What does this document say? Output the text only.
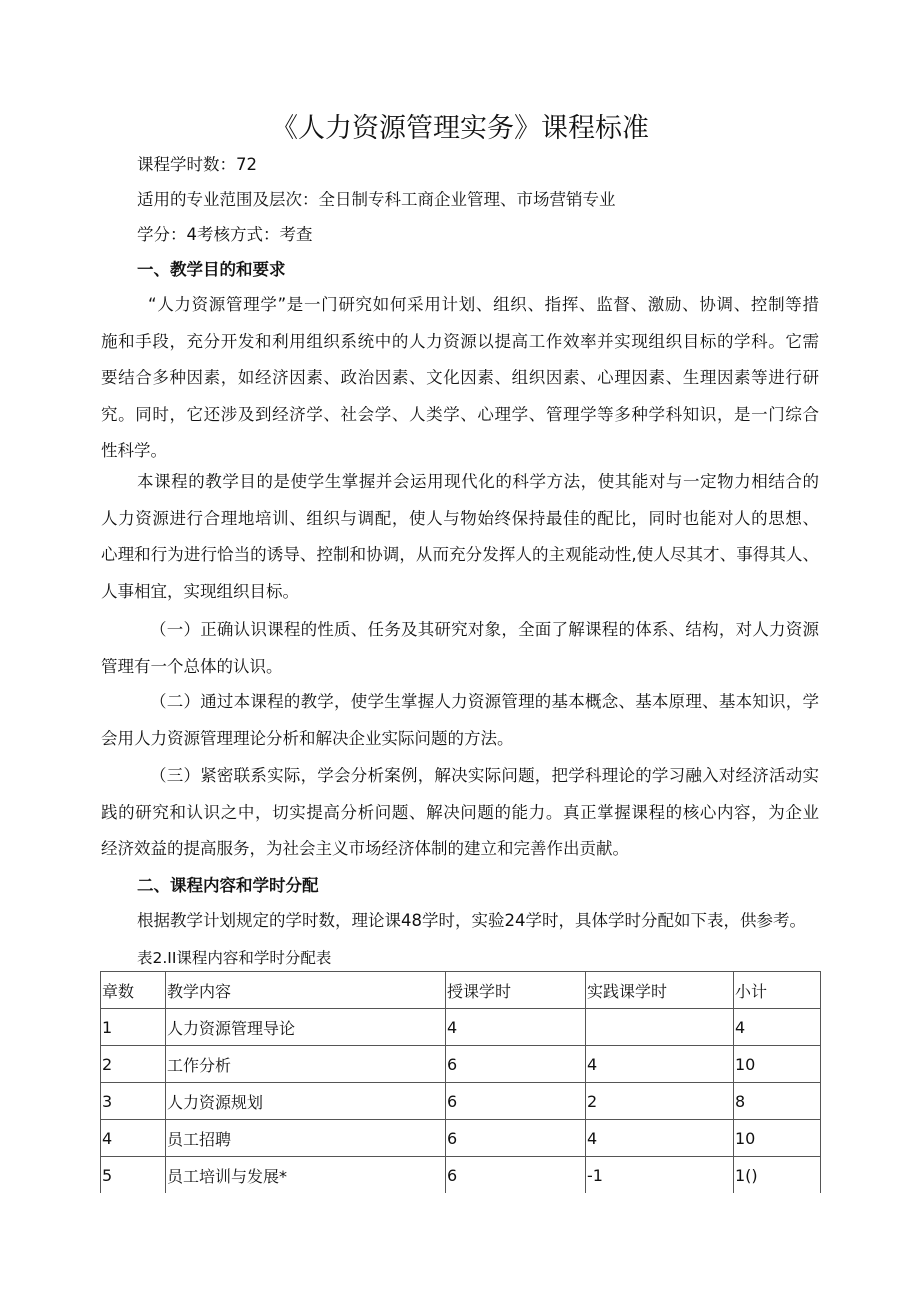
《人力资源管理实务》课程标准
课程学时数：72
适用的专业范围及层次：全日制专科工商企业管理、市场营销专业
学分：4考核方式：考查
一、教学目的和要求
“人力资源管理学”是一门研究如何采用计划、组织、指挥、监督、激励、协调、控制等措
施和手段，充分开发和利用组织系统中的人力资源以提高工作效率并实现组织目标的学科。它需
要结合多种因素，如经济因素、政治因素、文化因素、组织因素、心理因素、生理因素等进行研
究。同时，它还涉及到经济学、社会学、人类学、心理学、管理学等多种学科知识，是一门综合
性科学。
本课程的教学目的是使学生掌握并会运用现代化的科学方法，使其能对与一定物力相结合的
人力资源进行合理地培训、组织与调配，使人与物始终保持最佳的配比，同时也能对人的思想、
心理和行为进行恰当的诱导、控制和协调，从而充分发挥人的主观能动性,使人尽其才、事得其人、
人事相宜，实现组织目标。
（一）正确认识课程的性质、任务及其研究对象，全面了解课程的体系、结构，对人力资源
管理有一个总体的认识。
（二）通过本课程的教学，使学生掌握人力资源管理的基本概念、基本原理、基本知识，学
会用人力资源管理理论分析和解决企业实际问题的方法。
（三）紧密联系实际，学会分析案例，解决实际问题，把学科理论的学习融入对经济活动实
践的研究和认识之中，切实提高分析问题、解决问题的能力。真正掌握课程的核心内容，为企业
经济效益的提高服务，为社会主义市场经济体制的建立和完善作出贡献。
二、课程内容和学时分配
根据教学计划规定的学时数，理论课48学时，实验24学时，具体学时分配如下表，供参考。
表2.II课程内容和学时分配表
章数	教学内容	授课学时	实践课学时	小计
1	人力资源管理导论	4		4
2	工作分析	6	4	10
3	人力资源规划	6	2	8
4	员工招聘	6	4	10
5	员工培训与发展*	6	-1	1()
